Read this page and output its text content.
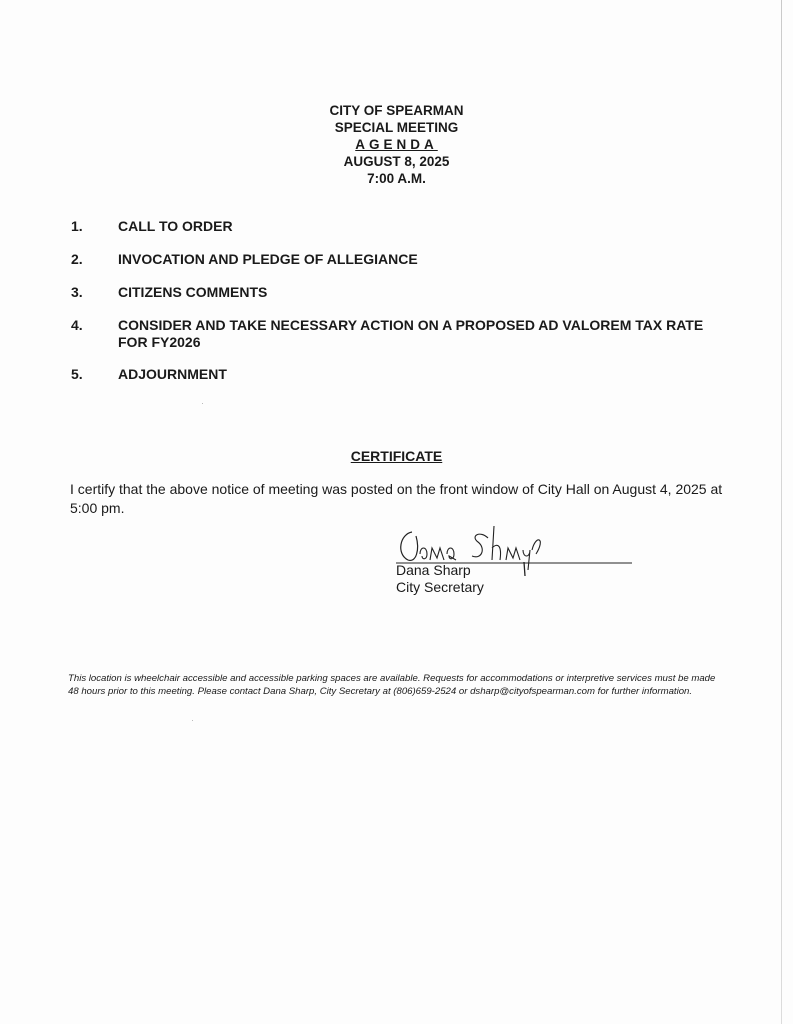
CITY OF SPEARMAN
SPECIAL MEETING
AGENDA
AUGUST 8, 2025
7:00 A.M.
1.	CALL TO ORDER
2.	INVOCATION AND PLEDGE OF ALLEGIANCE
3.	CITIZENS COMMENTS
4.	CONSIDER AND TAKE NECESSARY ACTION ON A PROPOSED AD VALOREM TAX RATE FOR FY2026
5.	ADJOURNMENT
CERTIFICATE
I certify that the above notice of meeting was posted on the front window of City Hall on August 4, 2025 at 5:00 pm.
Dana Sharp
City Secretary
This location is wheelchair accessible and accessible parking spaces are available. Requests for accommodations or interpretive services must be made 48 hours prior to this meeting. Please contact Dana Sharp, City Secretary at (806)659-2524 or dsharp@cityofspearman.com for further information.
